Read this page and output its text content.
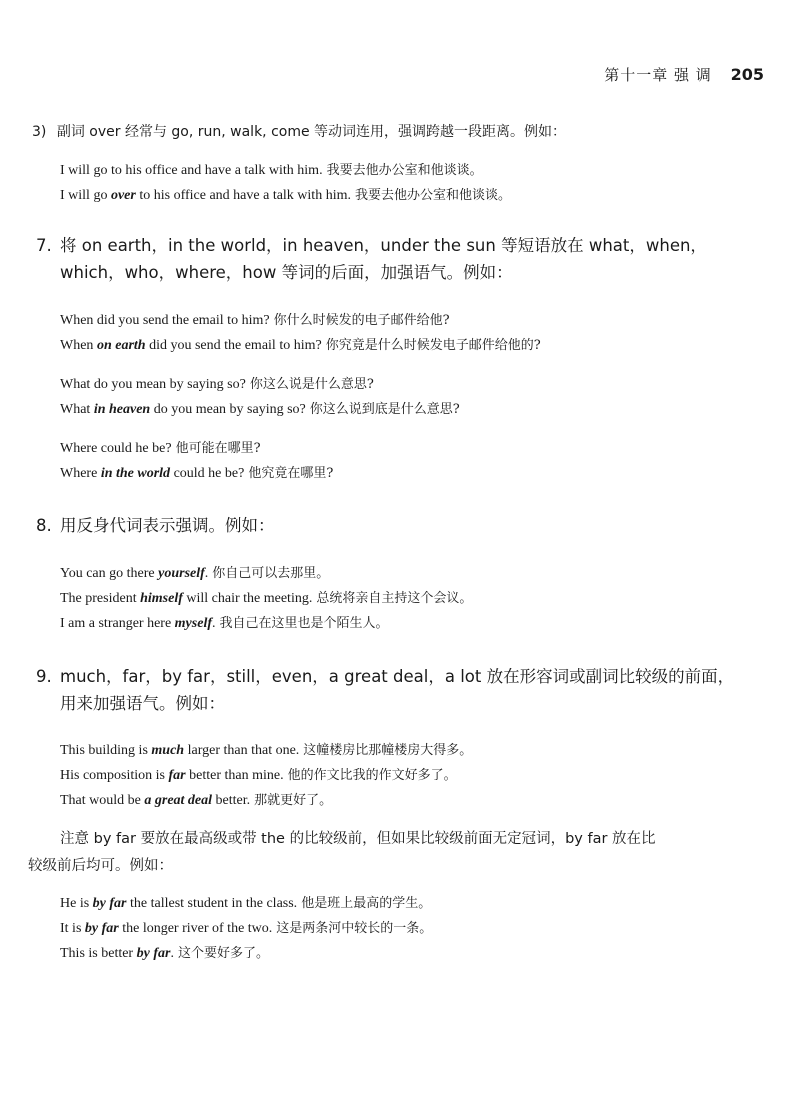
第十一章 强 调 205
3) 副词 over 经常与 go, run, walk, come 等动词连用，强调跨越一段距离。例如：
I will go to his office and have a talk with him. 我要去他办公室和他谈谈。
I will go over to his office and have a talk with him. 我要去他办公室和他谈谈。
7. 将 on earth，in the world，in heaven，under the sun 等短语放在 what，when，
which，who，where，how 等词的后面，加强语气。例如：
When did you send the email to him? 你什么时候发的电子邮件给他?
When on earth did you send the email to him? 你究竟是什么时候发电子邮件给他的?
What do you mean by saying so? 你这么说是什么意思?
What in heaven do you mean by saying so? 你这么说到底是什么意思?
Where could he be? 他可能在哪里?
Where in the world could he be? 他究竟在哪里?
8. 用反身代词表示强调。例如：
You can go there yourself. 你自己可以去那里。
The president himself will chair the meeting. 总统将亲自主持这个会议。
I am a stranger here myself. 我自己在这里也是个陌生人。
9. much，far，by far，still，even，a great deal，a lot 放在形容词或副词比较级的前面，
用来加强语气。例如：
This building is much larger than that one. 这幢楼房比那幢楼房大得多。
His composition is far better than mine. 他的作文比我的作文好多了。
That would be a great deal better. 那就更好了。
注意 by far 要放在最高级或带 the 的比较级前，但如果比较级前面无定冠词，by far 放在比
较级前后均可。例如：
He is by far the tallest student in the class. 他是班上最高的学生。
It is by far the longer river of the two. 这是两条河中较长的一条。
This is better by far. 这个要好多了。
